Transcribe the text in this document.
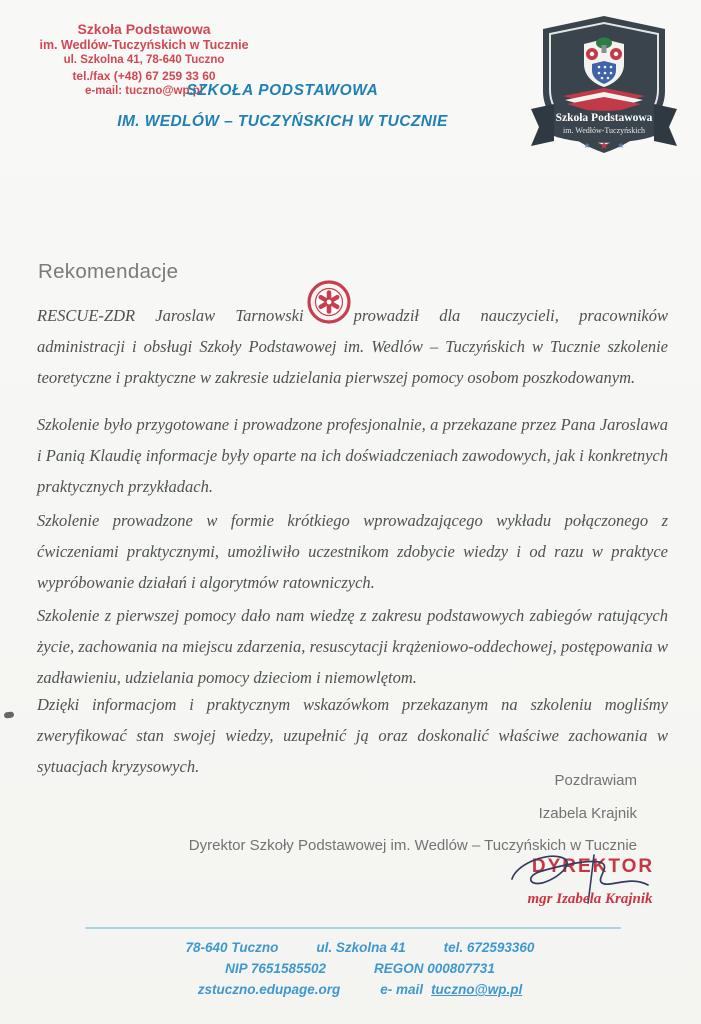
Szkoła Podstawowa
im. Wedlów-Tuczyńskich w Tucznie
ul. Szkolna 41, 78-640 Tuczno
tel./fax (+48) 67 259 33 60
e-mail: tuczno@wp.pl
SZKOŁA PODSTAWOWA
IM. WEDLÓW – TUCZYŃSKICH W TUCZNIE	Szkoła Podstawowa
im. Wedłów-Tuczyńskich
★ ★ ★
Rekomendacje

RESCUE-ZDR Jaroslaw Tarnowski	prowadził dla nauczycieli, pracowników administracji i obsługi Szkoły Podstawowej im. Wedlów – Tuczyńskich w Tucznie szkolenie teoretyczne i praktyczne w zakresie udzielania pierwszej pomocy osobom poszkodowanym.

Szkolenie było przygotowane i prowadzone profesjonalnie, a przekazane przez Pana Jaroslawa i Panią Klaudię informacje były oparte na ich doświadczeniach zawodowych, jak i konkretnych praktycznych przykładach.

Szkolenie prowadzone w formie krótkiego wprowadzającego wykładu połączonego z ćwiczeniami praktycznymi, umożliwiło uczestnikom zdobycie wiedzy i od razu w praktyce wypróbowanie działań i algorytmów ratowniczych.

Szkolenie z pierwszej pomocy dało nam wiedzę z zakresu podstawowych zabiegów ratujących życie, zachowania na miejscu zdarzenia, resuscytacji krążeniowo-oddechowej, postępowania w zadławieniu, udzielania pomocy dzieciom i niemowlętom.

Dzięki informacjom i praktycznym wskazówkom przekazanym na szkoleniu mogliśmy zweryfikować stan swojej wiedzy, uzupełnić ją oraz doskonalić właściwe zachowania w sytuacjach kryzysowych.

Pozdrawiam
Izabela Krajnik
Dyrektor Szkoły Podstawowej im. Wedlów – Tuczyńskich w Tucznie
DYREKTOR
mgr Izabela Krajnik
78-640 Tuczno	ul. Szkolna 41	tel. 672593360
NIP 7651585502	REGON 000807731
zstuczno.edupage.org	e- mail tuczno@wp.pl
